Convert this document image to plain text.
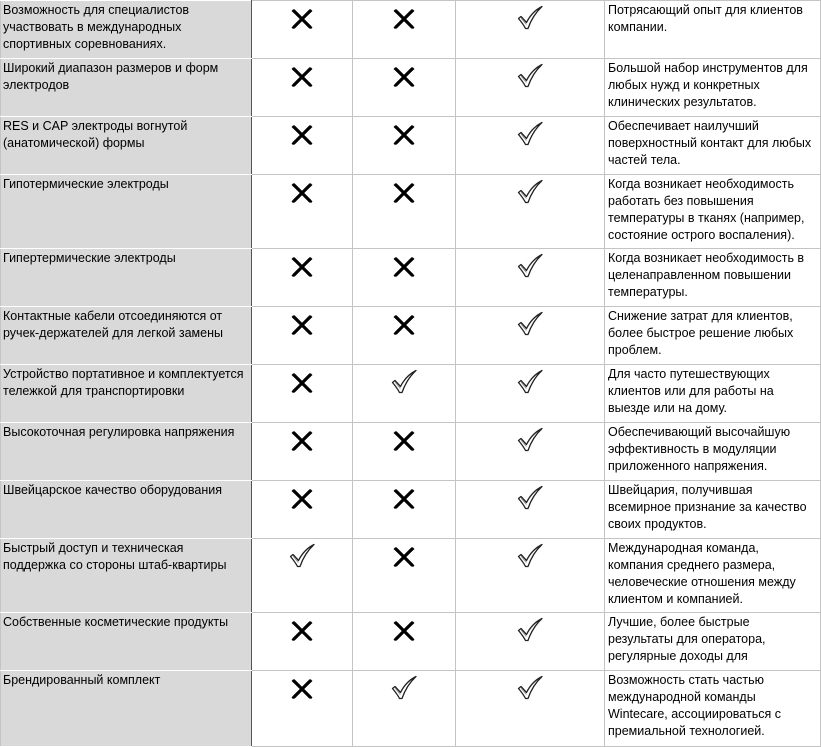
Возможность для специалистов участвовать в международных спортивных соревнованиях.				Потрясающий опыт для клиентов компании.

Широкий диапазон размеров и форм электродов				Большой набор инструментов для любых нужд и конкретных клинических результатов.

RES и CAP электроды вогнутой (анатомической) формы				Обеспечивает наилучший поверхностный контакт для любых частей тела.

Гипотермические электроды				Когда возникает необходимость работать без повышения температуры в тканях (например, состояние острого воспаления).

Гипертермические электроды				Когда возникает необходимость в целенаправленном повышении температуры.

Контактные кабели отсоединяются от ручек-держателей для легкой замены				Снижение затрат для клиентов, более быстрое решение любых проблем.

Устройство портативное и комплектуется тележкой для транспортировки				Для часто путешествующих клиентов или для работы на выезде или на дому.

Высокоточная регулировка напряжения				Обеспечивающий высочайшую эффективность в модуляции приложенного напряжения.

Швейцарское качество оборудования				Швейцария, получившая всемирное признание за качество своих продуктов.

Быстрый доступ и техническая поддержка со стороны штаб-квартиры				Международная команда, компания среднего размера, человеческие отношения между клиентом и компанией.

Собственные косметические продукты				Лучшие, более быстрые результаты для оператора, регулярные доходы для

Брендированный комплект				Возможность стать частью международной команды Wintecare, ассоциироваться с премиальной технологией.
